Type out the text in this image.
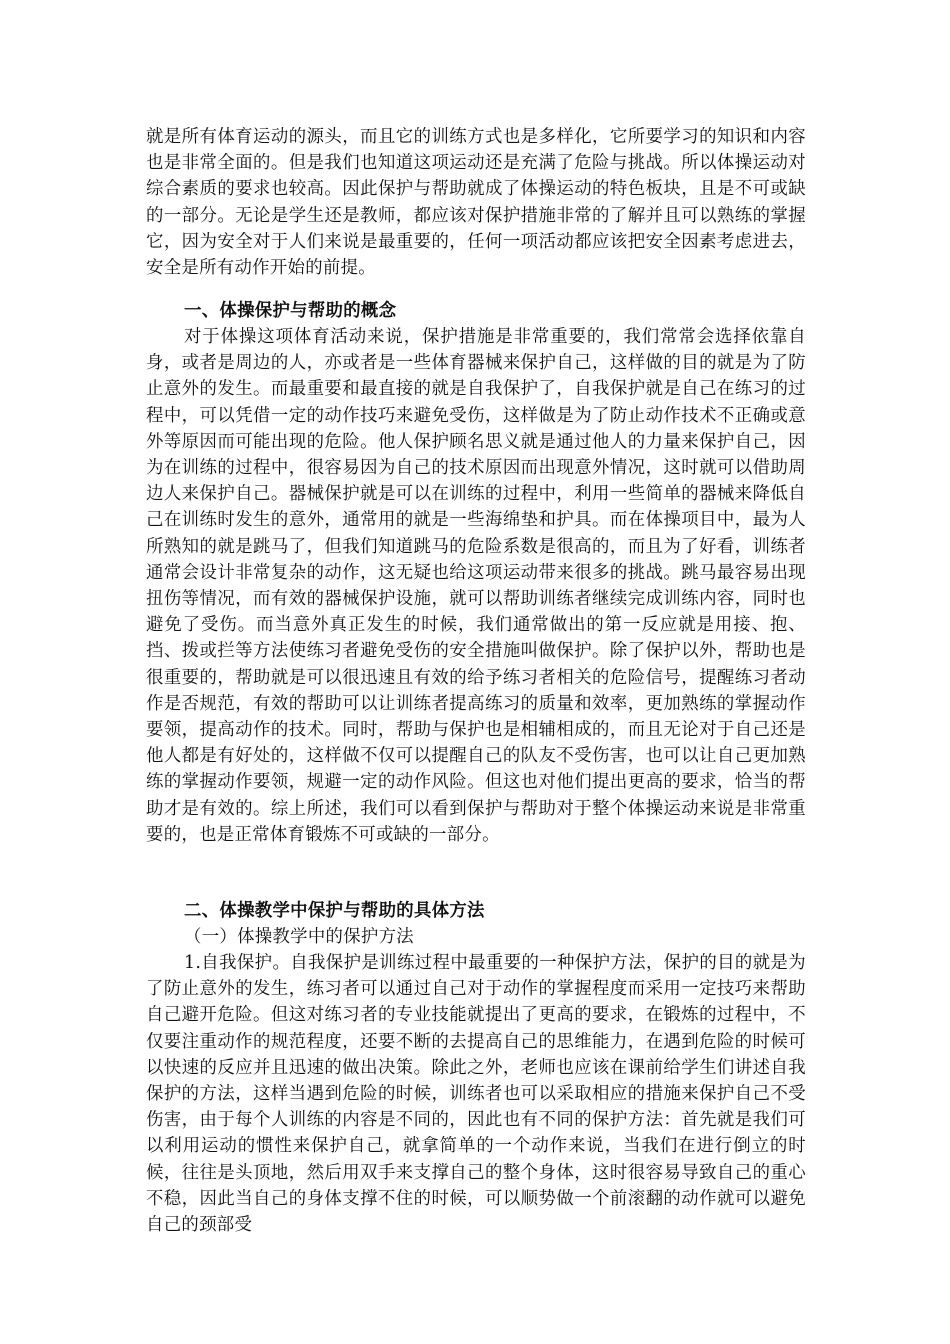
就是所有体育运动的源头，而且它的训练方式也是多样化，它所要学习的知识和内容也是非常全面的。但是我们也知道这项运动还是充满了危险与挑战。所以体操运动对综合素质的要求也较高。因此保护与帮助就成了体操运动的特色板块，且是不可或缺的一部分。无论是学生还是教师，都应该对保护措施非常的了解并且可以熟练的掌握它，因为安全对于人们来说是最重要的，任何一项活动都应该把安全因素考虑进去，安全是所有动作开始的前提。

一、体操保护与帮助的概念

对于体操这项体育活动来说，保护措施是非常重要的，我们常常会选择依靠自身，或者是周边的人，亦或者是一些体育器械来保护自己，这样做的目的就是为了防止意外的发生。而最重要和最直接的就是自我保护了，自我保护就是自己在练习的过程中，可以凭借一定的动作技巧来避免受伤，这样做是为了防止动作技术不正确或意外等原因而可能出现的危险。他人保护顾名思义就是通过他人的力量来保护自己，因为在训练的过程中，很容易因为自己的技术原因而出现意外情况，这时就可以借助周边人来保护自己。器械保护就是可以在训练的过程中，利用一些简单的器械来降低自己在训练时发生的意外，通常用的就是一些海绵垫和护具。而在体操项目中，最为人所熟知的就是跳马了，但我们知道跳马的危险系数是很高的，而且为了好看，训练者通常会设计非常复杂的动作，这无疑也给这项运动带来很多的挑战。跳马最容易出现扭伤等情况，而有效的器械保护设施，就可以帮助训练者继续完成训练内容，同时也避免了受伤。而当意外真正发生的时候，我们通常做出的第一反应就是用接、抱、挡、拨或拦等方法使练习者避免受伤的安全措施叫做保护。除了保护以外，帮助也是很重要的，帮助就是可以很迅速且有效的给予练习者相关的危险信号，提醒练习者动作是否规范，有效的帮助可以让训练者提高练习的质量和效率，更加熟练的掌握动作要领，提高动作的技术。同时，帮助与保护也是相辅相成的，而且无论对于自己还是他人都是有好处的，这样做不仅可以提醒自己的队友不受伤害，也可以让自己更加熟练的掌握动作要领，规避一定的动作风险。但这也对他们提出更高的要求，恰当的帮助才是有效的。综上所述，我们可以看到保护与帮助对于整个体操运动来说是非常重要的，也是正常体育锻炼不可或缺的一部分。

二、体操教学中保护与帮助的具体方法
（一）体操教学中的保护方法

1.自我保护。自我保护是训练过程中最重要的一种保护方法，保护的目的就是为了防止意外的发生，练习者可以通过自己对于动作的掌握程度而采用一定技巧来帮助自己避开危险。但这对练习者的专业技能就提出了更高的要求，在锻炼的过程中，不仅要注重动作的规范程度，还要不断的去提高自己的思维能力，在遇到危险的时候可以快速的反应并且迅速的做出决策。除此之外，老师也应该在课前给学生们讲述自我保护的方法，这样当遇到危险的时候，训练者也可以采取相应的措施来保护自己不受伤害，由于每个人训练的内容是不同的，因此也有不同的保护方法：首先就是我们可以利用运动的惯性来保护自己，就拿简单的一个动作来说，当我们在进行倒立的时候，往往是头顶地，然后用双手来支撑自己的整个身体，这时很容易导致自己的重心不稳，因此当自己的身体支撑不住的时候，可以顺势做一个前滚翻的动作就可以避免自己的颈部受
